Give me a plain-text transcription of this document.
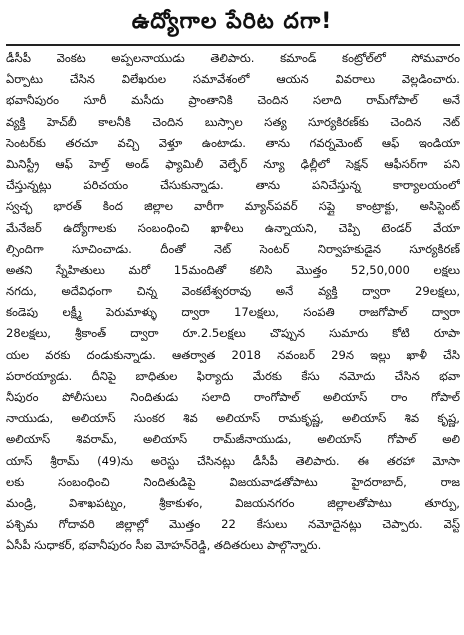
ఉద్యోగాల పేరిట దగా!
డీసీపీ వెంకట అప్పలనాయుడు తెలిపారు. కమాండ్ కంట్రోల్‌లో సోమవారం
ఏర్పాటు చేసిన విలేఖరుల సమావేశంలో ఆయన వివరాలు వెల్లడించారు.
భవానీపురం సూరీ మసీదు ప్రాంతానికి చెందిన సలాది రామ్‌గోపాల్ అనే
వ్యక్తి హెచ్‌బీ కాలనీకి చెందిన బుస్సాల సత్య సూర్యకిరణ్‌కు చెందిన నెట్
సెంటర్‌కు తరచూ వచ్చి వెళ్తూ ఉంటాడు. తాను గవర్నమెంట్ ఆఫ్ ఇండియా
మినిస్ట్రీ ఆఫ్ హెల్త్ అండ్ ఫ్యామిలీ వెల్ఫేర్ న్యూ ఢిల్లీలో సెక్షన్ ఆఫీసర్‌గా పని
చేస్తున్నట్లు పరిచయం చేసుకున్నాడు. తాను పనిచేస్తున్న కార్యాలయంలో
స్వచ్ఛ భారత్ కింద జిల్లాల వారీగా మ్యాన్‌పవర్ సప్లై కాంట్రాక్టు, అసిస్టెంట్
మేనేజర్ ఉద్యోగాలకు సంబంధించి ఖాళీలు ఉన్నాయని, చెప్పి టెండర్ వేయా
ల్సిందిగా సూచించాడు. దీంతో నెట్ సెంటర్ నిర్వాహకుడైన సూర్యకిరణ్
అతని స్నేహితులు మరో 15మందితో కలిసి మొత్తం 52,50,000 లక్షలు
నగదు, అదేవిధంగా చిన్న వెంకటేశ్వరరావు అనే వ్యక్తి ద్వారా 29లక్షలు,
కండెపు లక్ష్మీ పెరుమాళ్ళు ద్వారా 17లక్షలు, సంపతి రాజగోపాల్ ద్వారా
28లక్షలు, శ్రీకాంత్ ద్వారా రూ.2.5లక్షలు చొప్పున సుమారు కోటి రూపా
యల వరకు దండుకున్నాడు. ఆతర్వాత 2018 నవంబర్ 29న ఇల్లు ఖాళీ చేసి
పరారయ్యాడు. దీనిపై బాధితుల ఫిర్యాదు మేరకు కేసు నమోదు చేసిన భవా
నీపురం పోలీసులు నిందితుడు సలాది రాంగోపాల్ అలియాస్ రాం గోపాల్
నాయుడు, అలియాస్ సుంకర శివ అలియాస్ రామకృష్ణ, అలియాస్ శివ కృష్ణ,
అలియాస్ శివరామ్, అలియాస్ రామ్‌జీనాయుడు, అలియాస్ గోపాల్ అలి
యాస్ శ్రీరామ్ (49)ను అరెస్టు చేసినట్లు డీసీపీ తెలిపారు. ఈ తరహా మోసా
లకు సంబంధించి నిందితుడిపై విజయవాడతోపాటు హైదరాబాద్, రాజ
మండ్రి, విశాఖపట్నం, శ్రీకాకుళం, విజయనగరం జిల్లాలతోపాటు తూర్పు,
పశ్చిమ గోదావరి జిల్లాల్లో మొత్తం 22 కేసులు నమోదైనట్లు చెప్పారు. వెస్ట్
ఏసీపీ సుధాకర్, భవానీపురం సీఐ మోహన్‌రెడ్డి, తదితరులు పాల్గొన్నారు.
